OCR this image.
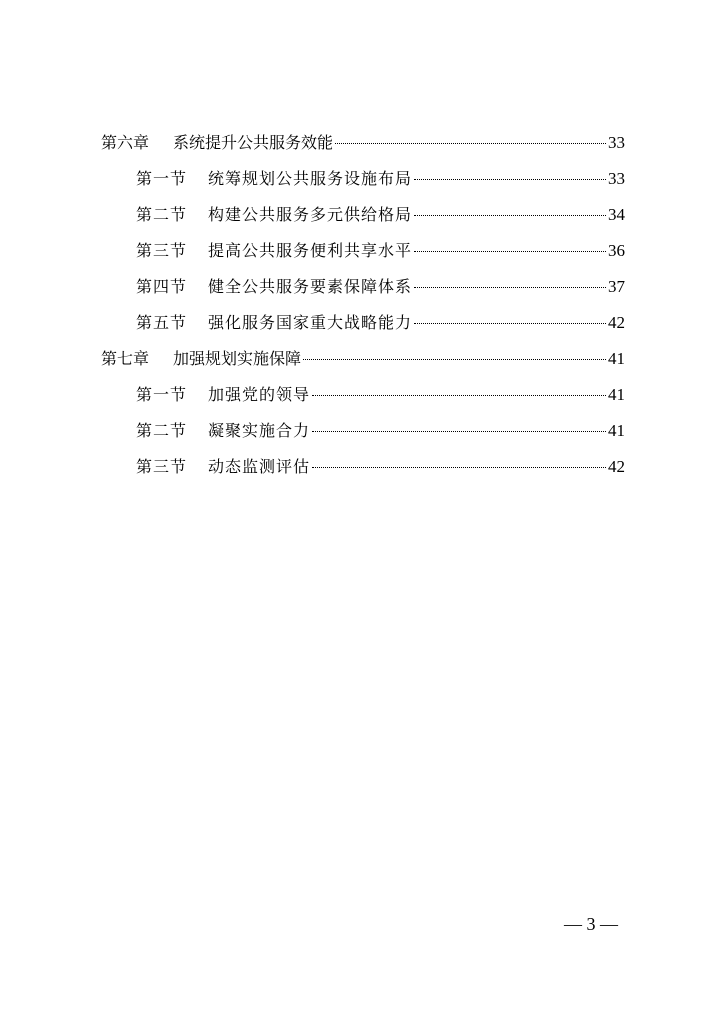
第六章	系统提升公共服务效能	33
第一节	统筹规划公共服务设施布局	33
第二节	构建公共服务多元供给格局	34
第三节	提高公共服务便利共享水平	36
第四节	健全公共服务要素保障体系	37
第五节	强化服务国家重大战略能力	42
第七章	加强规划实施保障	41
第一节	加强党的领导	41
第二节	凝聚实施合力	41
第三节	动态监测评估	42
— 3 —
